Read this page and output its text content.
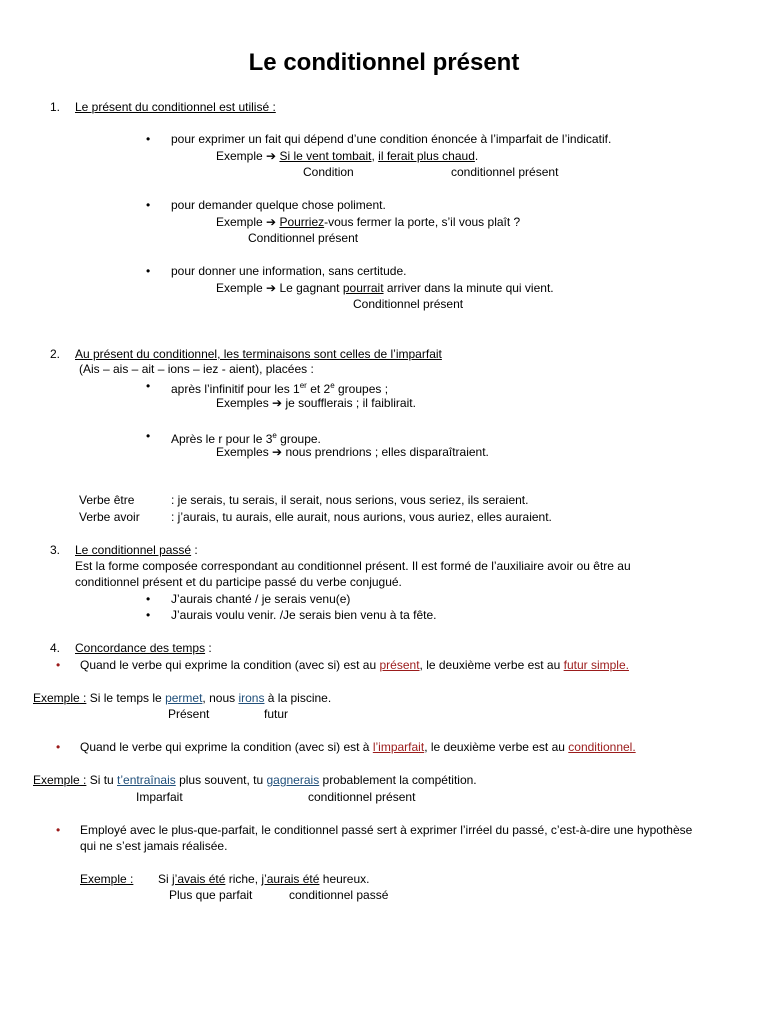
Le conditionnel présent
1. Le présent du conditionnel est utilisé :
• pour exprimer un fait qui dépend d’une condition énoncée à l’imparfait de l’indicatif.
Exemple ➔ Si le vent tombait, il ferait plus chaud.
Condition	conditionnel présent
• pour demander quelque chose poliment.
Exemple ➔ Pourriez-vous fermer la porte, s’il vous plaît ?
Conditionnel présent
• pour donner une information, sans certitude.
Exemple ➔ Le gagnant pourrait arriver dans la minute qui vient.
Conditionnel présent
2. Au présent du conditionnel, les terminaisons sont celles de l’imparfait
(Ais – ais – ait – ions – iez - aient), placées :
• après l’infinitif pour les 1er et 2e groupes ;
Exemples ➔ je soufflerais ; il faiblirait.
• Après le r pour le 3e groupe.
Exemples ➔ nous prendrions ; elles disparaîtraient.
Verbe être	: je serais, tu serais, il serait, nous serions, vous seriez, ils seraient.
Verbe avoir	: j’aurais, tu aurais, elle aurait, nous aurions, vous auriez, elles auraient.
3. Le conditionnel passé :
Est la forme composée correspondant au conditionnel présent. Il est formé de l’auxiliaire avoir ou être au
conditionnel présent et du participe passé du verbe conjugué.
• J’aurais chanté / je serais venu(e)
• J’aurais voulu venir. /Je serais bien venu à ta fête.
4. Concordance des temps :
• Quand le verbe qui exprime la condition (avec si) est au présent, le deuxième verbe est au futur simple.
Exemple : Si le temps le permet, nous irons à la piscine.
Présent	futur
• Quand le verbe qui exprime la condition (avec si) est à l’imparfait, le deuxième verbe est au conditionnel.
Exemple : Si tu t’entraînais plus souvent, tu gagnerais probablement la compétition.
Imparfait	conditionnel présent
• Employé avec le plus-que-parfait, le conditionnel passé sert à exprimer l’irréel du passé, c’est-à-dire une hypothèse
qui ne s’est jamais réalisée.
Exemple : Si j’avais été riche, j’aurais été heureux.
Plus que parfait	conditionnel passé
